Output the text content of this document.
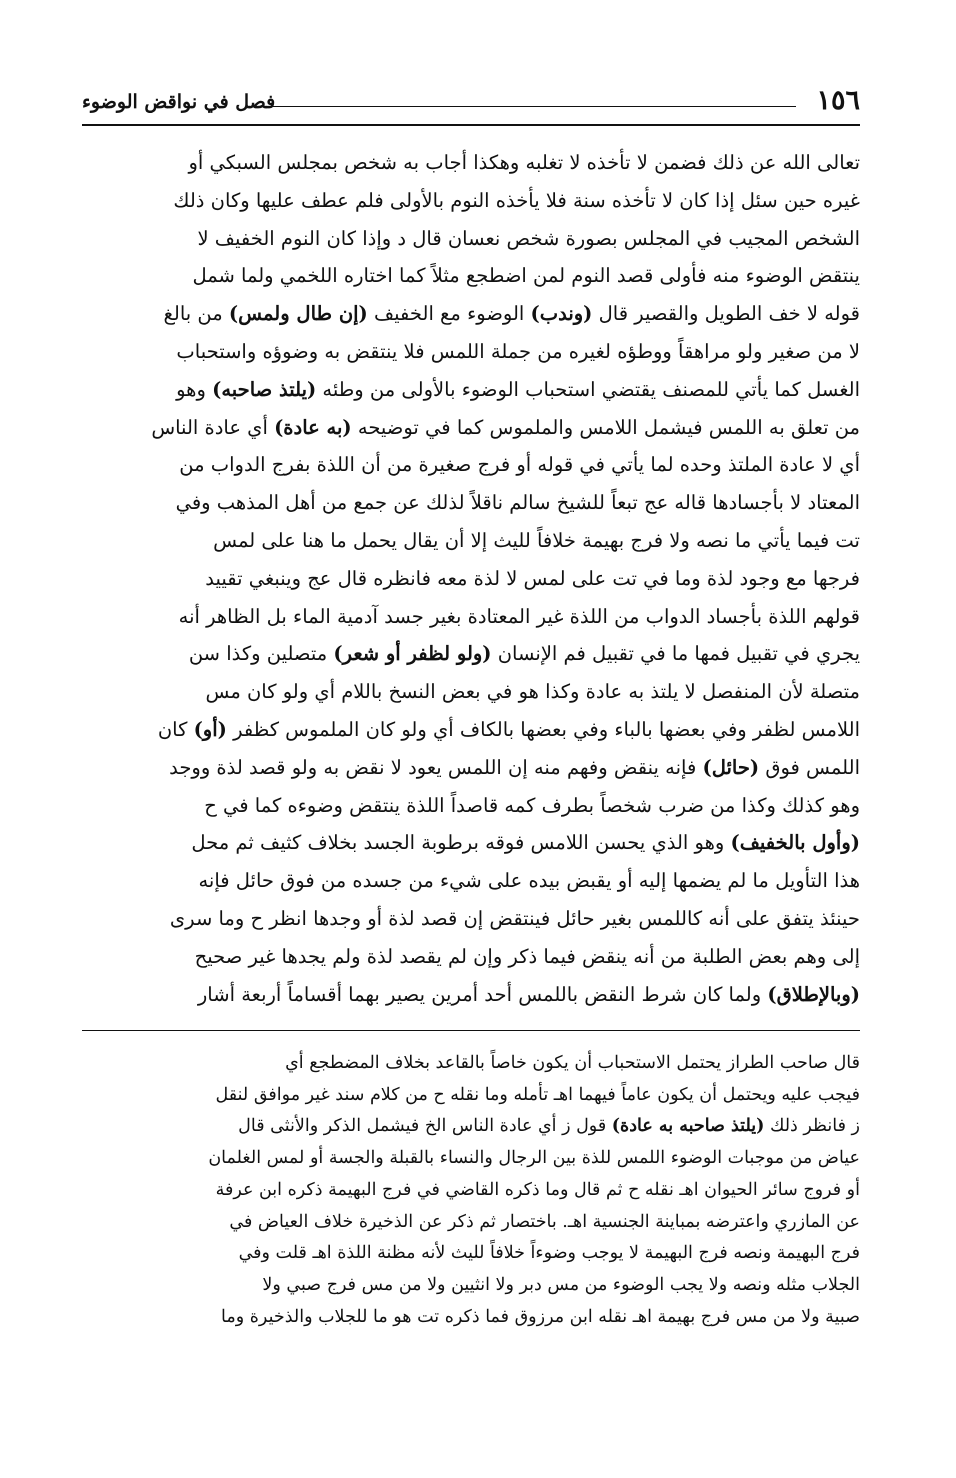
١٥٦
فصل في نواقض الوضوء
تعالى الله عن ذلك فضمن لا تأخذه لا تغلبه وهكذا أجاب به شخص بمجلس السبكي أو
غيره حين سئل إذا كان لا تأخذه سنة فلا يأخذه النوم بالأولى فلم عطف عليها وكان ذلك
الشخص المجيب في المجلس بصورة شخص نعسان قال د وإذا كان النوم الخفيف لا
ينتقض الوضوء منه فأولى قصد النوم لمن اضطجع مثلاً كما اختاره اللخمي ولما شمل
قوله لا خف الطويل والقصير قال (وندب) الوضوء مع الخفيف (إن طال ولمس) من بالغ
لا من صغير ولو مراهقاً ووطؤه لغيره من جملة اللمس فلا ينتقض به وضوؤه واستحباب
الغسل كما يأتي للمصنف يقتضي استحباب الوضوء بالأولى من وطئه (يلتذ صاحبه) وهو
من تعلق به اللمس فيشمل اللامس والملموس كما في توضيحه (به عادة) أي عادة الناس
أي لا عادة الملتذ وحده لما يأتي في قوله أو فرج صغيرة من أن اللذة بفرج الدواب من
المعتاد لا بأجسادها قاله عج تبعاً للشيخ سالم ناقلاً لذلك عن جمع من أهل المذهب وفي
تت فيما يأتي ما نصه ولا فرج بهيمة خلافاً لليث إلا أن يقال يحمل ما هنا على لمس
فرجها مع وجود لذة وما في تت على لمس لا لذة معه فانظره قال عج وينبغي تقييد
قولهم اللذة بأجساد الدواب من اللذة غير المعتادة بغير جسد آدمية الماء بل الظاهر أنه
يجري في تقبيل فمها ما في تقبيل فم الإنسان (ولو لظفر أو شعر) متصلين وكذا سن
متصلة لأن المنفصل لا يلتذ به عادة وكذا هو في بعض النسخ باللام أي ولو كان مس
اللامس لظفر وفي بعضها بالباء وفي بعضها بالكاف أي ولو كان الملموس كظفر (أو) كان
اللمس فوق (حائل) فإنه ينقض وفهم منه إن اللمس يعود لا نقض به ولو قصد لذة ووجد
وهو كذلك وكذا من ضرب شخصاً بطرف كمه قاصداً اللذة ينتقض وضوءه كما في ح
(وأول بالخفيف) وهو الذي يحسن اللامس فوقه برطوبة الجسد بخلاف كثيف ثم محل
هذا التأويل ما لم يضمها إليه أو يقبض بيده على شيء من جسده من فوق حائل فإنه
حينئذ يتفق على أنه كاللمس بغير حائل فينتقض إن قصد لذة أو وجدها انظر ح وما سرى
إلى وهم بعض الطلبة من أنه ينقض فيما ذكر وإن لم يقصد لذة ولم يجدها غير صحيح
(وبالإطلاق) ولما كان شرط النقض باللمس أحد أمرين يصير بهما أقساماً أربعة أشار
قال صاحب الطراز يحتمل الاستحباب أن يكون خاصاً بالقاعد بخلاف المضطجع أي
فيجب عليه ويحتمل أن يكون عاماً فيهما اهـ تأمله وما نقله ح من كلام سند غير موافق لنقل
ز فانظر ذلك (يلتذ صاحبه به عادة) قول ز أي عادة الناس الخ فيشمل الذكر والأنثى قال
عياض من موجبات الوضوء اللمس للذة بين الرجال والنساء بالقبلة والجسة أو لمس الغلمان
أو فروج سائر الحيوان اهـ نقله ح ثم قال وما ذكره القاضي في فرج البهيمة ذكره ابن عرفة
عن المازري واعترضه بمباينة الجنسية اهـ. باختصار ثم ذكر عن الذخيرة خلاف العياض في
فرج البهيمة ونصه فرج البهيمة لا يوجب وضوءاً خلافاً لليث لأنه مظنة اللذة اهـ قلت وفي
الجلاب مثله ونصه ولا يجب الوضوء من مس دبر ولا انثيين ولا من مس فرج صبي ولا
صبية ولا من مس فرج بهيمة اهـ نقله ابن مرزوق فما ذكره تت هو ما للجلاب والذخيرة وما
